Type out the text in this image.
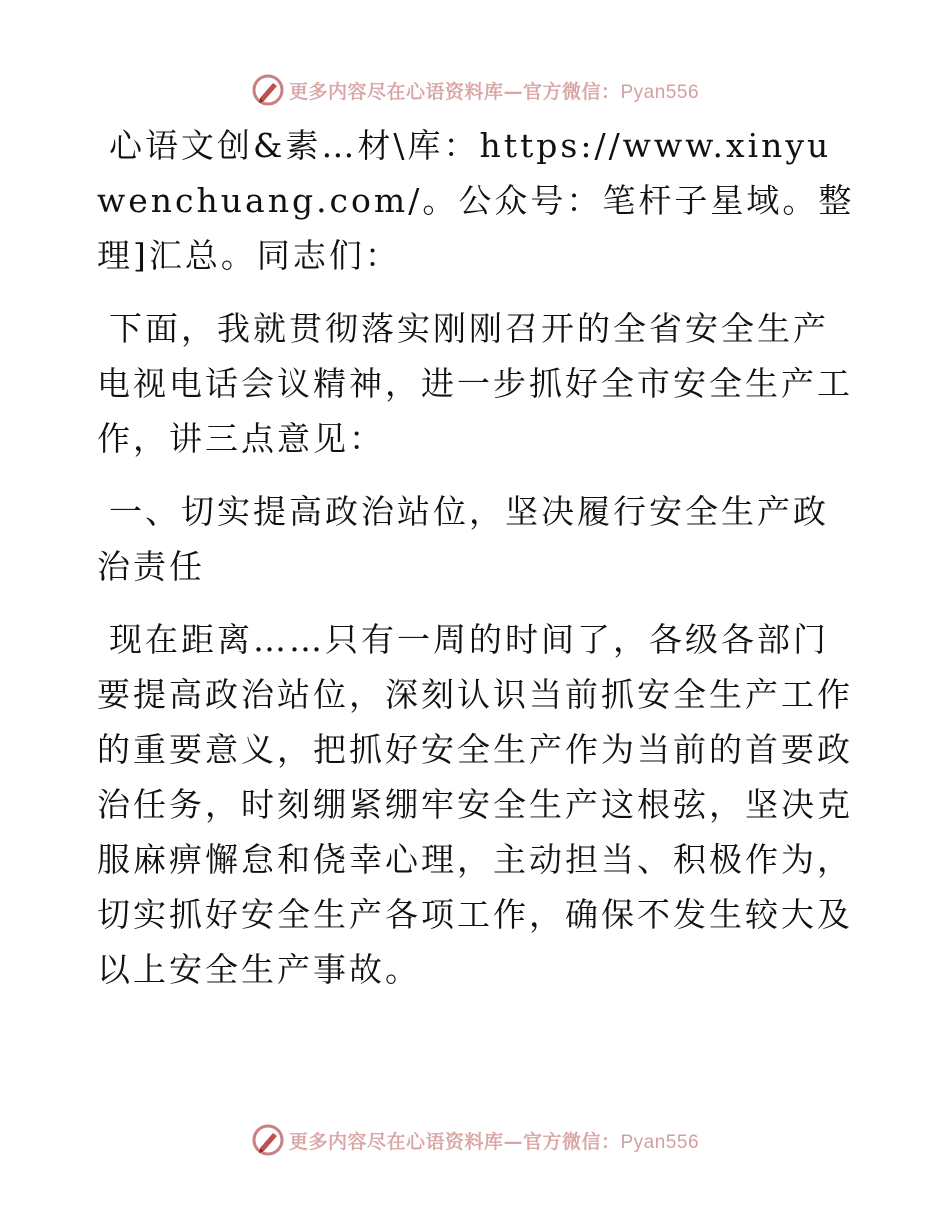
更多内容尽在心语资料库—官方微信：Pyan556

心语文创&素…材\库：https://www.xinyuwenchuang.com/。公众号：笔杆子星域。整理]汇总。同志们：

下面，我就贯彻落实刚刚召开的全省安全生产电视电话会议精神，进一步抓好全市安全生产工作，讲三点意见：

一、切实提高政治站位，坚决履行安全生产政治责任

现在距离……只有一周的时间了，各级各部门要提高政治站位，深刻认识当前抓安全生产工作的重要意义，把抓好安全生产作为当前的首要政治任务，时刻绷紧绷牢安全生产这根弦，坚决克服麻痹懈怠和侥幸心理，主动担当、积极作为，切实抓好安全生产各项工作，确保不发生较大及以上安全生产事故。

更多内容尽在心语资料库—官方微信：Pyan556
